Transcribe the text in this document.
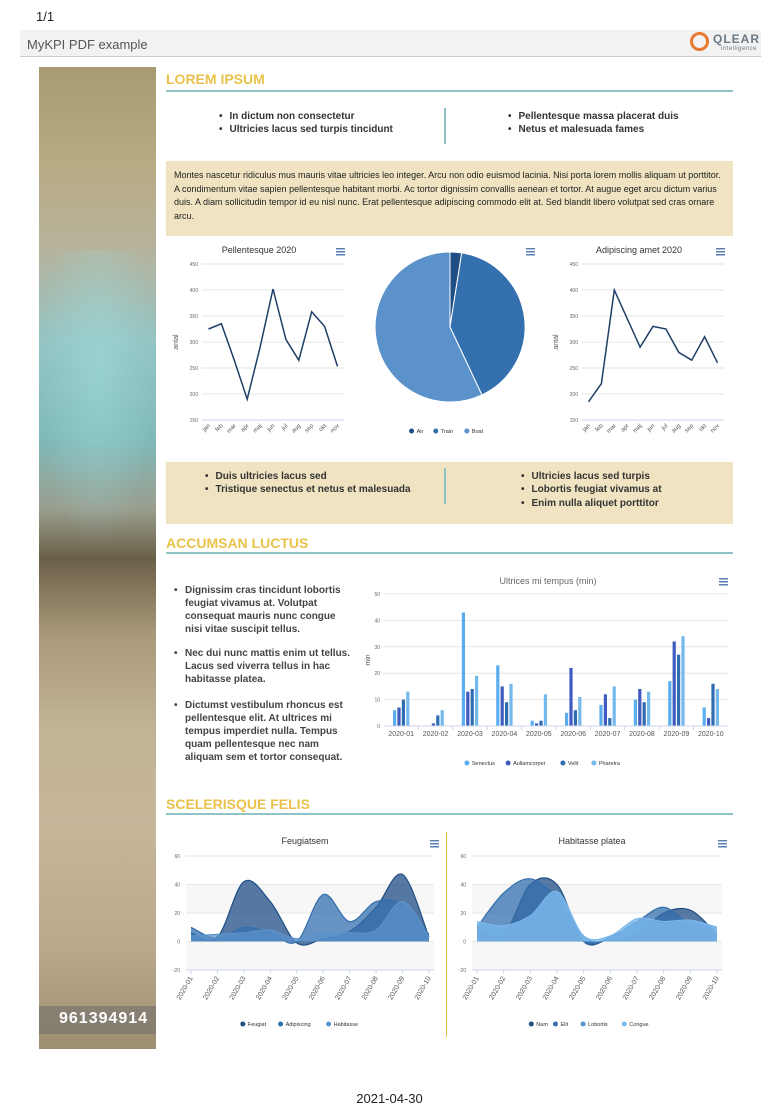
1/1
MyKPI PDF example	QLEAR
intelligence
961394914
LOREM IPSUM
• In dictum non consectetur
• Ultricies lacus sed turpis tincidunt
• Pellentesque massa placerat duis
• Netus et malesuada fames
Montes nascetur ridiculus mus mauris vitae ultricies leo integer. Arcu non odio euismod lacinia. Nisi porta lorem mollis aliquam ut porttitor. A condimentum vitae sapien pellentesque habitant morbi. Ac tortor dignissim convallis aenean et tortor. At augue eget arcu dictum varius duis. A diam sollicitudin tempor id eu nisl nunc. Erat pellentesque adipiscing commodo elit at. Sed blandit libero volutpat sed cras ornare arcu.
Pellentesque 2020
150
200
250
300
350
400
450
antal
jan feb mar apr maj jun jul aug sep okt nov	Air	Train	Boat
Adipiscing amet 2020
150
200
250
300
350
400
450
antal
jan feb mar apr maj jun jul aug sep okt nov
• Duis ultricies lacus sed
• Tristique senectus et netus et malesuada
• Ultricies lacus sed turpis
• Lobortis feugiat vivamus at
• Enim nulla aliquet porttitor
ACCUMSAN LUCTUS
• Dignissim cras tincidunt lobortis feugiat vivamus at. Volutpat consequat mauris nunc congue nisi vitae suscipit tellus.
• Nec dui nunc mattis enim ut tellus. Lacus sed viverra tellus in hac habitasse platea.
• Dictumst vestibulum rhoncus est pellentesque elit. At ultrices mi tempus imperdiet nulla. Tempus quam pellentesque nec nam aliquam sem et tortor consequat.
Ultrices mi tempus (min)
0
10
20
30
40
50
min
2020-01 2020-02 2020-03 2020-04 2020-05 2020-06 2020-07 2020-08 2020-09 2020-10
Senectus	Aullamcorper	Velit	Pharetra
SCELERISQUE FELIS
Feugiatsem
-20
0
20
40
60
2020-01 2020-02 2020-03 2020-04 2020-05 2020-06 2020-07 2020-08 2020-09 2020-10
Feugiat	Adipiscing	Habitasse
Habitasse platea
-20
0
20
40
60
2020-01 2020-02 2020-03 2020-04 2020-05 2020-06 2020-07 2020-08 2020-09 2020-10
Nam Elit	Lobortis	Congue
2021-04-30
